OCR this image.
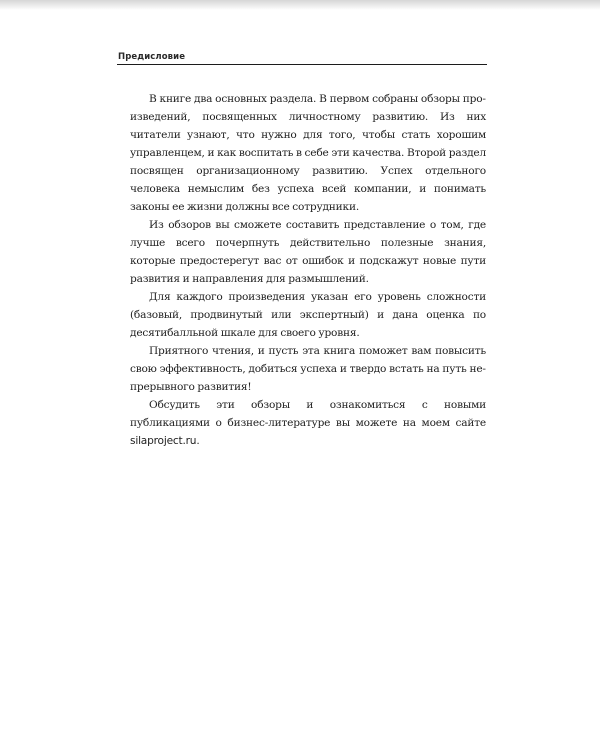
Предисловие

В книге два основных раздела. В первом собраны обзоры произведений, посвященных личностному развитию. Из них читатели узнают, что нужно для того, чтобы стать хорошим управленцем, и как воспитать в себе эти качества. Второй раздел посвящен организационному развитию. Успех отдельного человека немыслим без успеха всей компании, и понимать законы ее жизни должны все сотрудники.

Из обзоров вы сможете составить представление о том, где лучше всего почерпнуть действительно полезные знания, которые предостерегут вас от ошибок и подскажут новые пути развития и направления для размышлений.

Для каждого произведения указан его уровень сложности (базовый, продвинутый или экспертный) и дана оценка по десятибалльной шкале для своего уровня.

Приятного чтения, и пусть эта книга поможет вам повысить свою эффективность, добиться успеха и твердо встать на путь непрерывного развития!

Обсудить эти обзоры и ознакомиться с новыми публикациями о бизнес-литературе вы можете на моем сайте silaproject.ru.
